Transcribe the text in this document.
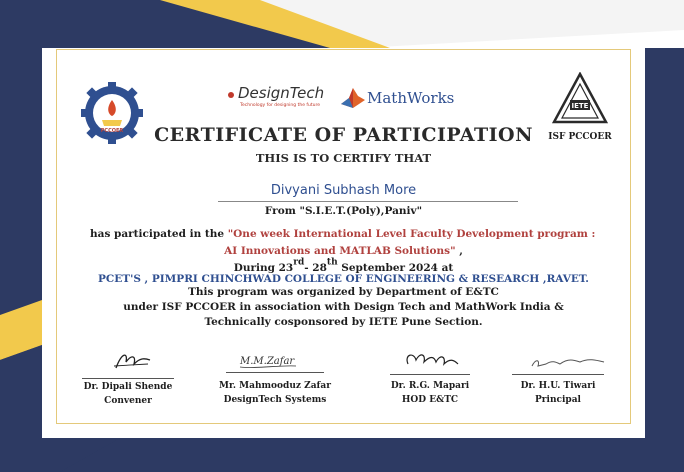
PCCOER
DesignTech
Technology for designing the future	MathWorks	IETE
ISF PCCOER
CERTIFICATE OF PARTICIPATION
THIS IS TO CERTIFY THAT
Divyani Subhash More
From "S.I.E.T.(Poly),Paniv"
has participated in the "One week International Level Faculty Development program :
AI Innovations and MATLAB Solutions" ,
During 23rd- 28th September 2024 at
PCET'S , PIMPRI CHINCHWAD COLLEGE OF ENGINEERING & RESEARCH ,RAVET.
This program was organized by Department of E&TC
under ISF PCCOER in association with Design Tech and MathWork India &
Technically cosponsored by IETE Pune Section.
M.M.Zafar
Dr. Dipali Shende
Convener
Mr. Mahmooduz Zafar
DesignTech Systems
Dr. R.G. Mapari
HOD E&TC
Dr. H.U. Tiwari
Principal
